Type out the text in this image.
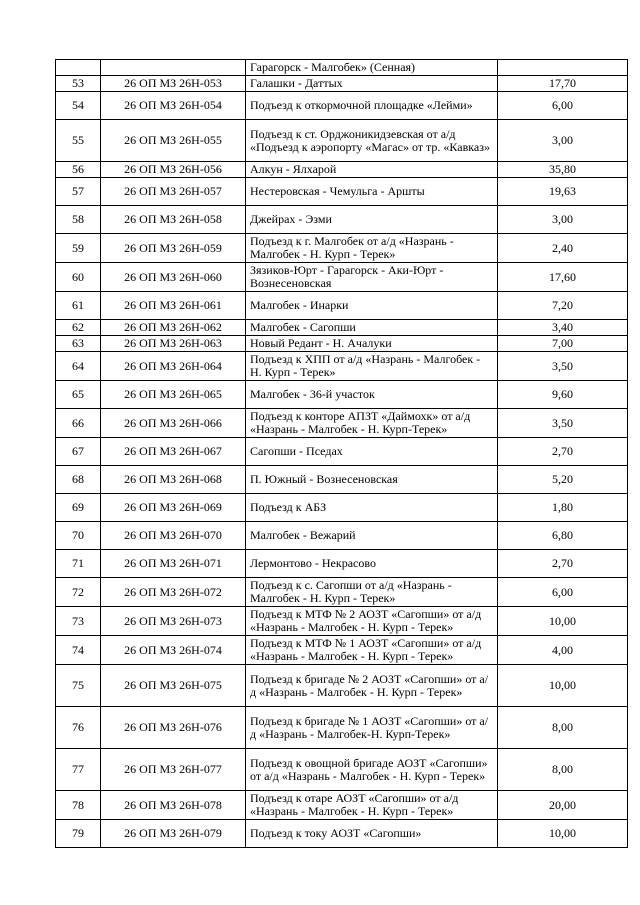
		Гарагорск - Малгобек» (Сенная)	
53	26 ОП МЗ 26Н-053	Галашки - Даттых	17,70
54	26 ОП МЗ 26Н-054	Подъезд к откормочной площадке «Лейми»	6,00
55	26 ОП МЗ 26Н-055	Подъезд к ст. Орджоникидзевская от а/д «Подъезд к аэропорту «Магас» от тр. «Кавказ»	3,00
56	26 ОП МЗ 26Н-056	Алкун - Ялхарой	35,80
57	26 ОП МЗ 26Н-057	Нестеровская - Чемульга - Аршты	19,63
58	26 ОП МЗ 26Н-058	Джейрах - Эзми	3,00
59	26 ОП МЗ 26Н-059	Подъезд к г. Малгобек от а/д «Назрань - Малгобек - Н. Курп - Терек»	2,40
60	26 ОП МЗ 26Н-060	Зязиков-Юрт - Гарагорск - Аки-Юрт - Вознесеновская	17,60
61	26 ОП МЗ 26Н-061	Малгобек - Инарки	7,20
62	26 ОП МЗ 26Н-062	Малгобек - Сагопши	3,40
63	26 ОП МЗ 26Н-063	Новый Редант - Н. Ачалуки	7,00
64	26 ОП МЗ 26Н-064	Подъезд к ХПП от а/д «Назрань - Малгобек - Н. Курп - Терек»	3,50
65	26 ОП МЗ 26Н-065	Малгобек - 36-й участок	9,60
66	26 ОП МЗ 26Н-066	Подъезд к конторе АПЗТ «Даймохк» от а/д «Назрань - Малгобек - Н. Курп-Терек»	3,50
67	26 ОП МЗ 26Н-067	Сагопши - Пседах	2,70
68	26 ОП МЗ 26Н-068	П. Южный - Вознесеновская	5,20
69	26 ОП МЗ 26Н-069	Подъезд к АБЗ	1,80
70	26 ОП МЗ 26Н-070	Малгобек - Вежарий	6,80
71	26 ОП МЗ 26Н-071	Лермонтово - Некрасово	2,70
72	26 ОП МЗ 26Н-072	Подъезд к с. Сагопши от а/д «Назрань - Малгобек - Н. Курп - Терек»	6,00
73	26 ОП МЗ 26Н-073	Подъезд к МТФ № 2 АОЗТ «Сагопши» от а/д «Назрань - Малгобек - Н. Курп - Терек»	10,00
74	26 ОП МЗ 26Н-074	Подъезд к МТФ № 1 АОЗТ «Сагопши» от а/д «Назрань - Малгобек - Н. Курп - Терек»	4,00
75	26 ОП МЗ 26Н-075	Подъезд к бригаде № 2 АОЗТ «Сагопши» от а/д «Назрань - Малгобек - Н. Курп - Терек»	10,00
76	26 ОП МЗ 26Н-076	Подъезд к бригаде № 1 АОЗТ «Сагопши» от а/д «Назрань - Малгобек-Н. Курп-Терек»	8,00
77	26 ОП МЗ 26Н-077	Подъезд к овощной бригаде АОЗТ «Сагопши» от а/д «Назрань - Малгобек - Н. Курп - Терек»	8,00
78	26 ОП МЗ 26Н-078	Подъезд к отаре АОЗТ «Сагопши» от а/д «Назрань - Малгобек - Н. Курп - Терек»	20,00
79	26 ОП МЗ 26Н-079	Подъезд к току АОЗТ «Сагопши»	10,00
